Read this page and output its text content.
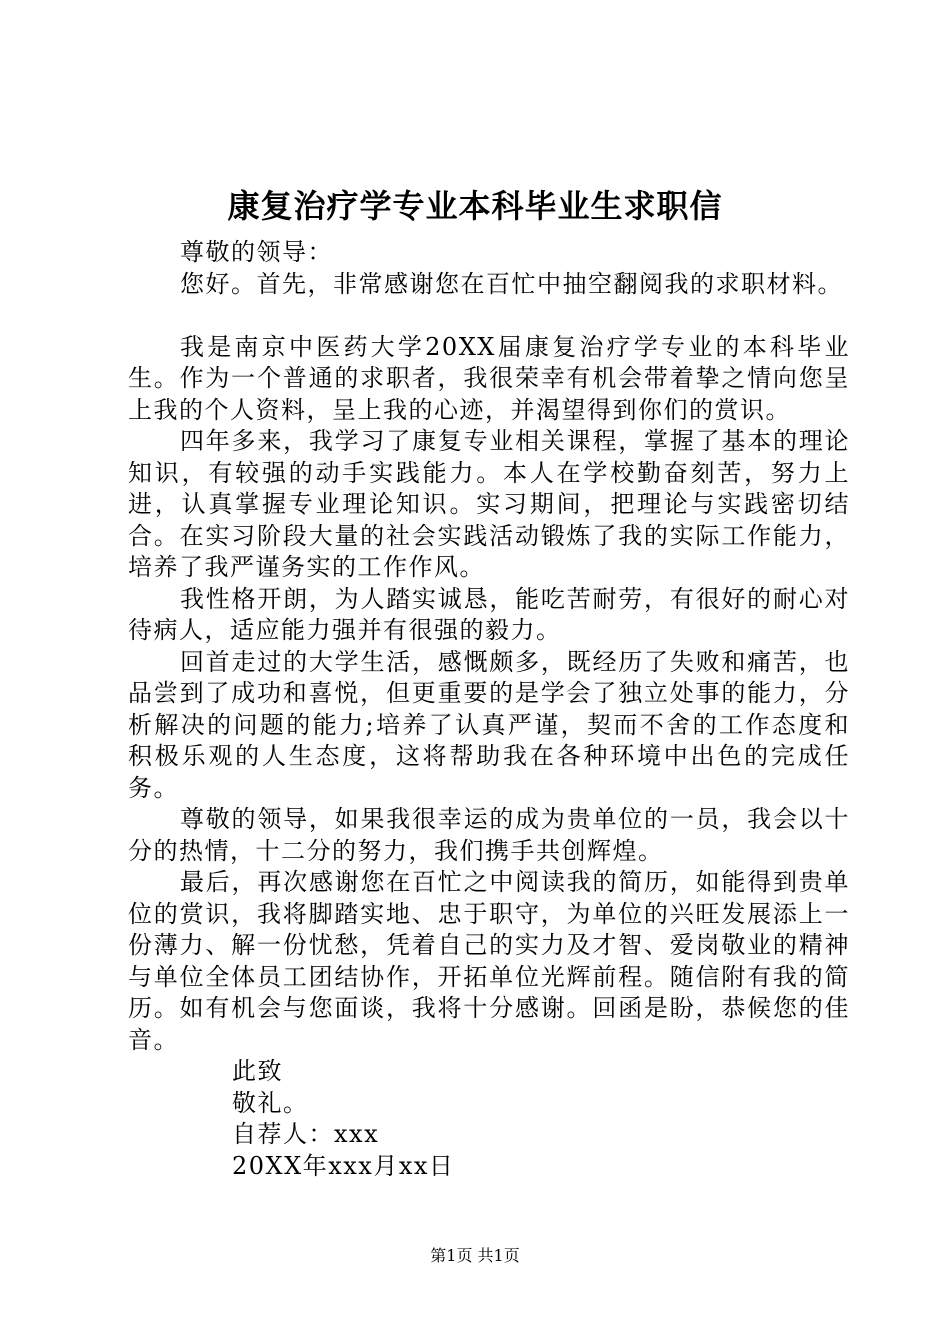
康复治疗学专业本科毕业生求职信

尊敬的领导：

您好。首先，非常感谢您在百忙中抽空翻阅我的求职材料。

我是南京中医药大学20XX届康复治疗学专业的本科毕业生。作为一个普通的求职者，我很荣幸有机会带着挚之情向您呈上我的个人资料，呈上我的心迹，并渴望得到你们的赏识。

四年多来，我学习了康复专业相关课程，掌握了基本的理论知识，有较强的动手实践能力。本人在学校勤奋刻苦，努力上进，认真掌握专业理论知识。实习期间，把理论与实践密切结合。在实习阶段大量的社会实践活动锻炼了我的实际工作能力，培养了我严谨务实的工作作风。

我性格开朗，为人踏实诚恳，能吃苦耐劳，有很好的耐心对待病人，适应能力强并有很强的毅力。

回首走过的大学生活，感慨颇多，既经历了失败和痛苦，也品尝到了成功和喜悦，但更重要的是学会了独立处事的能力，分析解决的问题的能力;培养了认真严谨，契而不舍的工作态度和积极乐观的人生态度，这将帮助我在各种环境中出色的完成任务。

尊敬的领导，如果我很幸运的成为贵单位的一员，我会以十分的热情，十二分的努力，我们携手共创辉煌。

最后，再次感谢您在百忙之中阅读我的简历，如能得到贵单位的赏识，我将脚踏实地、忠于职守，为单位的兴旺发展添上一份薄力、解一份忧愁，凭着自己的实力及才智、爱岗敬业的精神与单位全体员工团结协作，开拓单位光辉前程。随信附有我的简历。如有机会与您面谈，我将十分感谢。回函是盼，恭候您的佳音。

此致

敬礼。

自荐人：xxx

20XX年xxx月xx日

第1页 共1页
